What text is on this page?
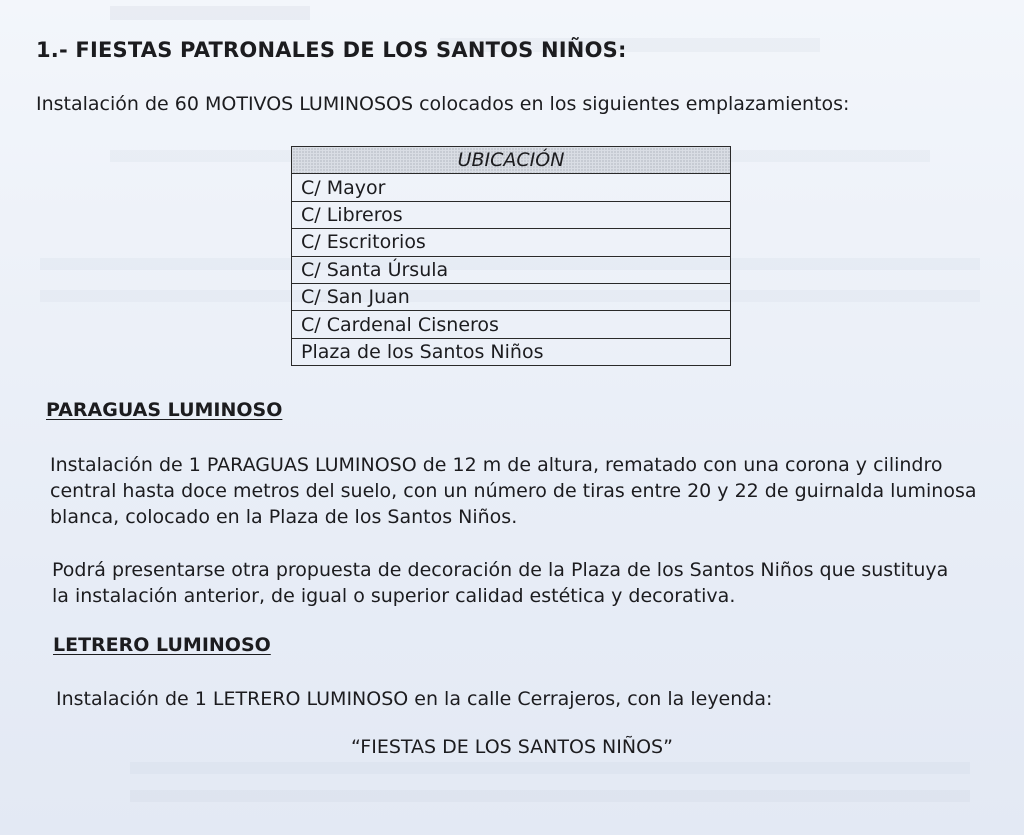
1.- FIESTAS PATRONALES DE LOS SANTOS NIÑOS:

Instalación de 60 MOTIVOS LUMINOSOS colocados en los siguientes emplazamientos:

UBICACIÓN
C/ Mayor
C/ Libreros
C/ Escritorios
C/ Santa Úrsula
C/ San Juan
C/ Cardenal Cisneros
Plaza de los Santos Niños
PARAGUAS LUMINOSO
Instalación de 1 PARAGUAS LUMINOSO de 12 m de altura, rematado con una corona y cilindro
central hasta doce metros del suelo, con un número de tiras entre 20 y 22 de guirnalda luminosa
blanca, colocado en la Plaza de los Santos Niños.
Podrá presentarse otra propuesta de decoración de la Plaza de los Santos Niños que sustituya
la instalación anterior, de igual o superior calidad estética y decorativa.
LETRERO LUMINOSO

Instalación de 1 LETRERO LUMINOSO en la calle Cerrajeros, con la leyenda:

“FIESTAS DE LOS SANTOS NIÑOS”
